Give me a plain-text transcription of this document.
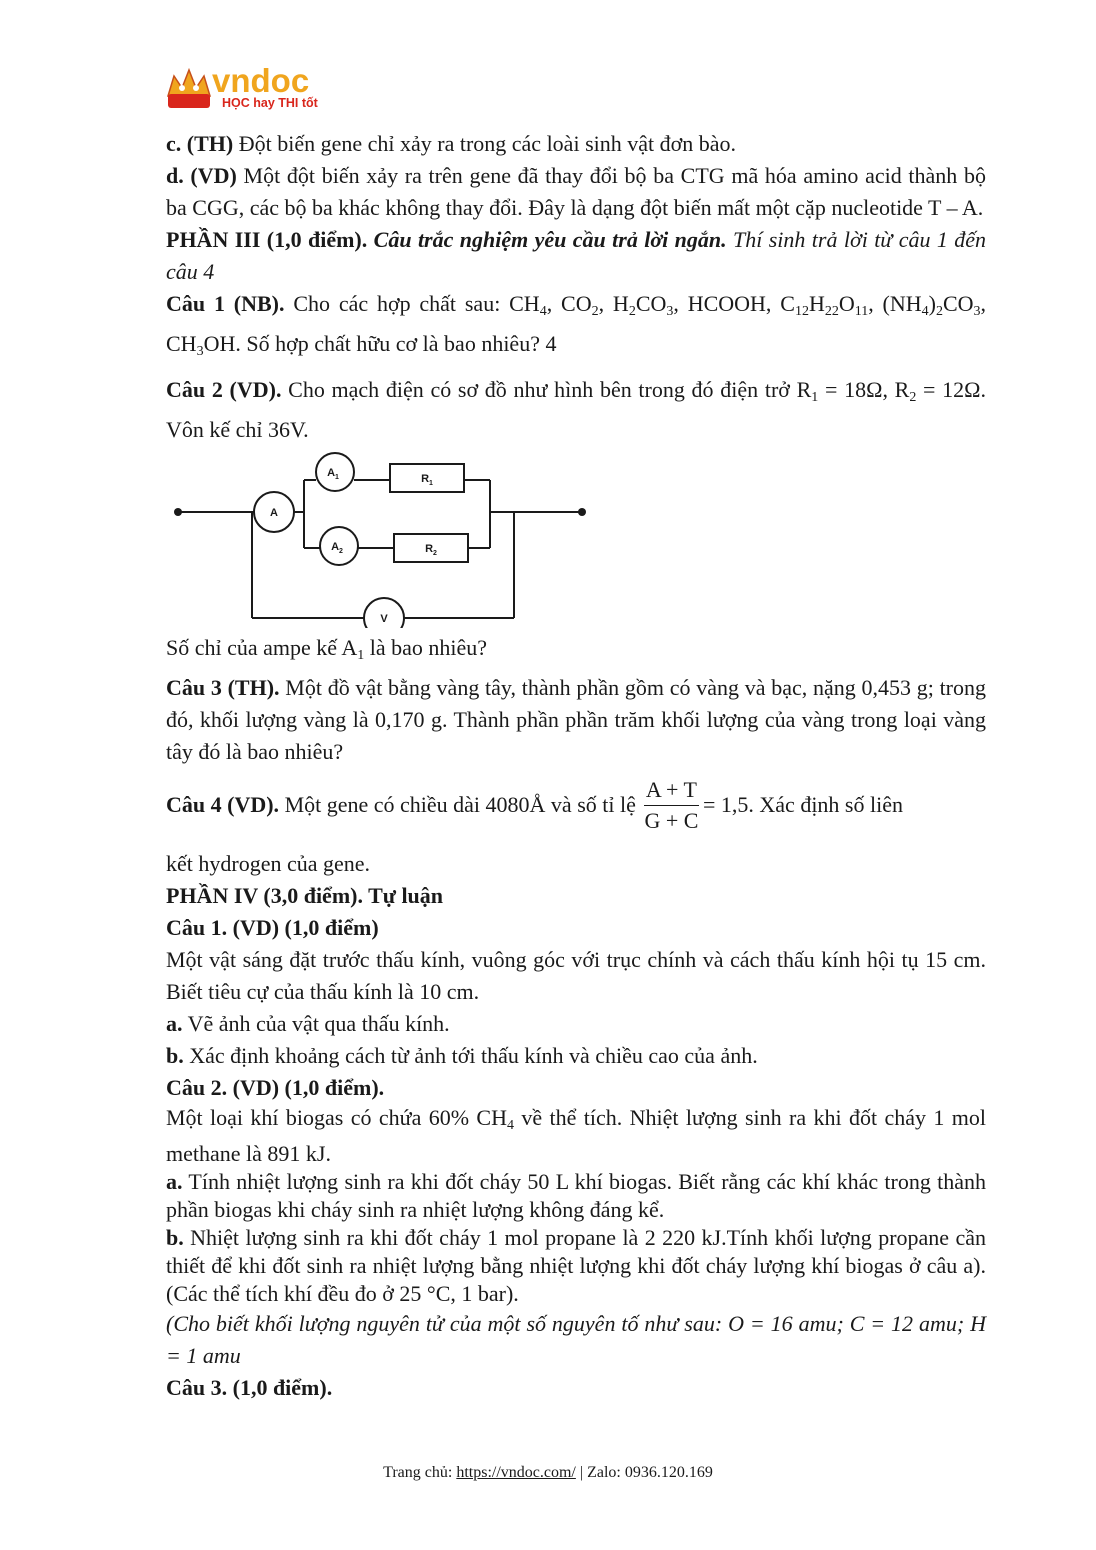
vndoc
HỌC hay THI tốt

c. (TH) Đột biến gene chỉ xảy ra trong các loài sinh vật đơn bào.

d. (VD) Một đột biến xảy ra trên gene đã thay đổi bộ ba CTG mã hóa amino acid thành bộ ba CGG, các bộ ba khác không thay đổi. Đây là dạng đột biến mất một cặp nucleotide T – A.

PHẦN III (1,0 điểm). Câu trắc nghiệm yêu cầu trả lời ngắn. Thí sinh trả lời từ câu 1 đến câu 4

Câu 1 (NB). Cho các hợp chất sau: $CH_4$, $CO_2$, $H_2CO_3$, HCOOH, $C_{12}H_{22}O_{11}$, $(NH_4)_2CO_3$, $CH_3OH$. Số hợp chất hữu cơ là bao nhiêu? 4

Câu 2 (VD). Cho mạch điện có sơ đồ như hình bên trong đó điện trở $R_1 = 18\Omega$, $R_2 = 12\Omega$. Vôn kế chỉ 36V.

A
$A_1$
$A_2$
$R_1$
$R_2$
V

Số chỉ của ampe kế $A_1$ là bao nhiêu?

Câu 3 (TH). Một đồ vật bằng vàng tây, thành phần gồm có vàng và bạc, nặng 0,453 g; trong đó, khối lượng vàng là 0,170 g. Thành phần phần trăm khối lượng của vàng trong loại vàng tây đó là bao nhiêu?

Câu 4 (VD). Một gene có chiều dài 4080Å và số tỉ lệ $\frac{A + T}{G + C} = 1,5$. Xác định số liên

kết hydrogen của gene.

PHẦN IV (3,0 điểm). Tự luận

Câu 1. (VD) (1,0 điểm)

Một vật sáng đặt trước thấu kính, vuông góc với trục chính và cách thấu kính hội tụ 15 cm. Biết tiêu cự của thấu kính là 10 cm.

a. Vẽ ảnh của vật qua thấu kính.

b. Xác định khoảng cách từ ảnh tới thấu kính và chiều cao của ảnh.

Câu 2. (VD) (1,0 điểm).

Một loại khí biogas có chứa 60% $CH_4$ về thể tích. Nhiệt lượng sinh ra khi đốt cháy 1 mol methane là 891 kJ.

a. Tính nhiệt lượng sinh ra khi đốt cháy 50 L khí biogas. Biết rằng các khí khác trong thành phần biogas khi cháy sinh ra nhiệt lượng không đáng kể.

b. Nhiệt lượng sinh ra khi đốt cháy 1 mol propane là 2 220 kJ.Tính khối lượng propane cần thiết để khi đốt sinh ra nhiệt lượng bằng nhiệt lượng khi đốt cháy lượng khí biogas ở câu a). (Các thể tích khí đều đo ở 25 °C, 1 bar).

(Cho biết khối lượng nguyên tử của một số nguyên tố như sau: O = 16 amu; C = 12 amu; H = 1 amu

Câu 3. (1,0 điểm).

Trang chủ: https://vndoc.com/ | Zalo: 0936.120.169
